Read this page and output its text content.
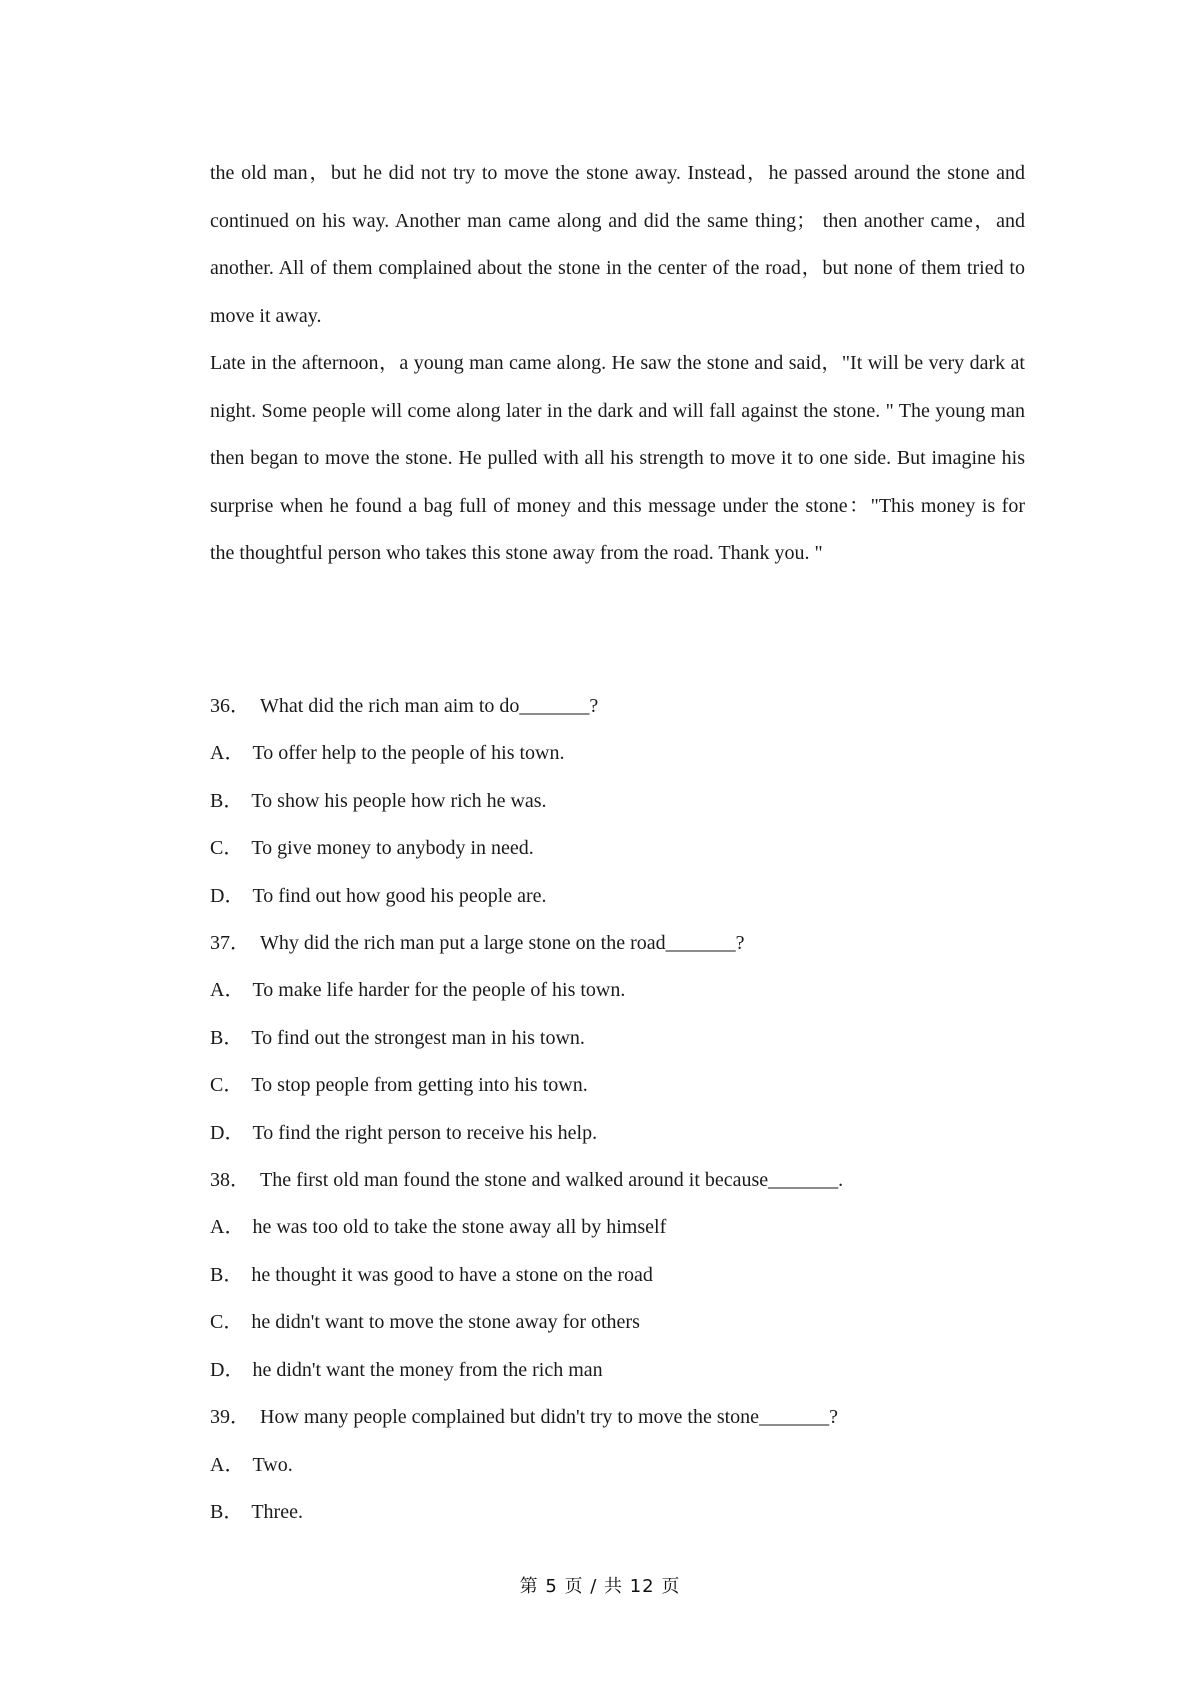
the old man，but he did not try to move the stone away. Instead，he passed around the stone and continued on his way. Another man came along and did the same thing； then another came，and another. All of them complained about the stone in the center of the road，but none of them tried to move it away.

Late in the afternoon，a young man came along. He saw the stone and said，"It will be very dark at night. Some people will come along later in the dark and will fall against the stone. " The young man then began to move the stone. He pulled with all his strength to move it to one side. But imagine his surprise when he found a bag full of money and this message under the stone："This money is for the thoughtful person who takes this stone away from the road. Thank you. "

36． What did the rich man aim to do_______?

A． To offer help to the people of his town.

B． To show his people how rich he was.

C． To give money to anybody in need.

D． To find out how good his people are.

37． Why did the rich man put a large stone on the road_______?

A． To make life harder for the people of his town.

B． To find out the strongest man in his town.

C． To stop people from getting into his town.

D． To find the right person to receive his help.

38． The first old man found the stone and walked around it because_______.

A． he was too old to take the stone away all by himself

B． he thought it was good to have a stone on the road

C． he didn't want to move the stone away for others

D． he didn't want the money from the rich man

39． How many people complained but didn't try to move the stone_______?

A． Two.

B． Three.

第 5 页 / 共 12 页
